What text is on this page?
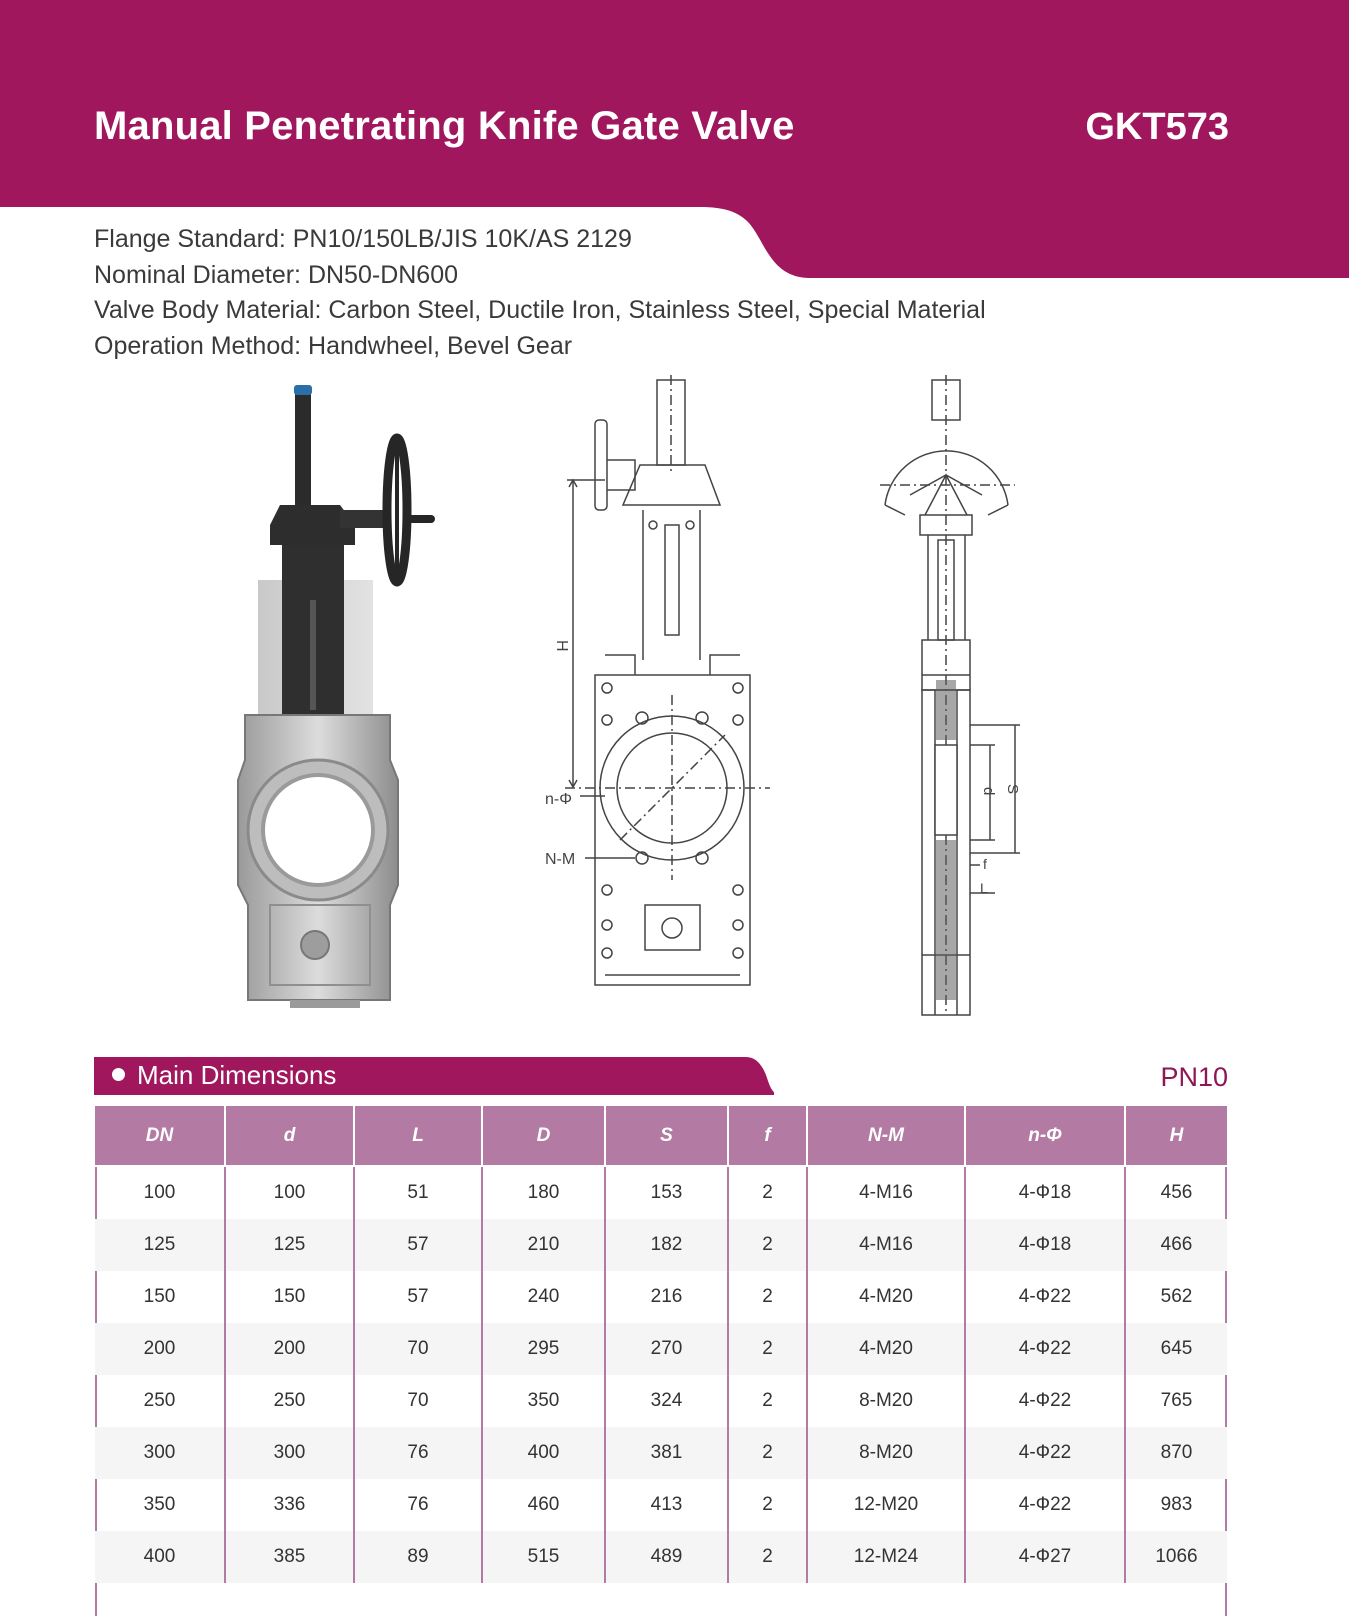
Manual Penetrating Knife Gate Valve	GKT573
Flange Standard: PN10/150LB/JIS 10K/AS 2129
Nominal Diameter: DN50-DN600
Valve Body Material: Carbon Steel, Ductile Iron, Stainless Steel, Special Material
Operation Method: Handwheel, Bevel Gear
H
n-Φ
N-M
d S
f
L
Main Dimensions	PN10
DN	d	L	D	S	f	N-M	n-Φ	H
100	100	51	180	153	2	4-M16	4-Ф18	456
125	125	57	210	182	2	4-M16	4-Ф18	466
150	150	57	240	216	2	4-M20	4-Ф22	562
200	200	70	295	270	2	4-M20	4-Ф22	645
250	250	70	350	324	2	8-M20	4-Ф22	765
300	300	76	400	381	2	8-M20	4-Ф22	870
350	336	76	460	413	2	12-M20	4-Ф22	983
400	385	89	515	489	2	12-M24	4-Ф27	1066
